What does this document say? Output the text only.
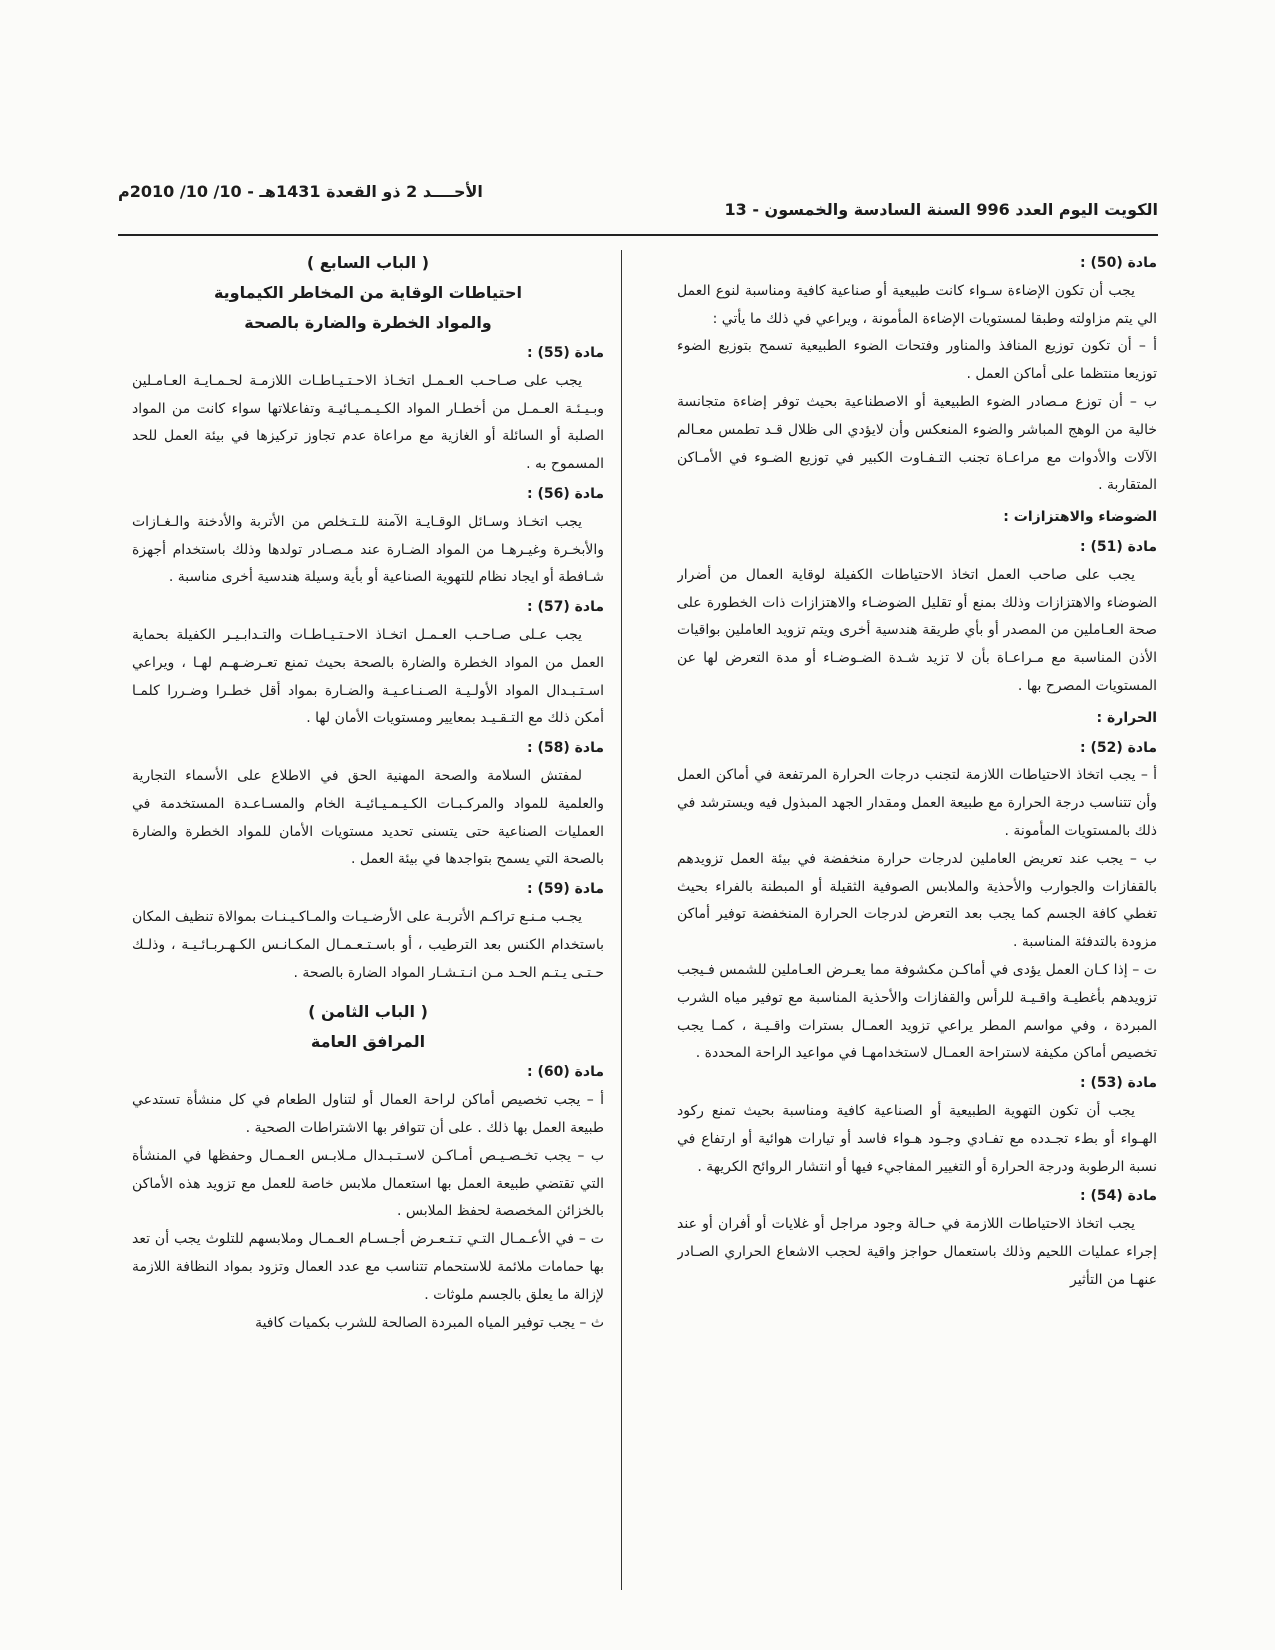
الكويت اليوم العدد 996 السنة السادسة والخمسون - 13
الأحــــد 2 ذو القعدة 1431هـ - 10/ 10/ 2010م
مادة (50) :

يجب أن تكون الإضاءة سـواء كانت طبيعية أو صناعية كافية ومناسبة لنوع العمل الي يتم مزاولته وطبقا لمستويات الإضاءة المأمونة ، ويراعي في ذلك ما يأتي :

أ – أن تكون توزيع المنافذ والمناور وفتحات الضوء الطبيعية تسمح بتوزيع الضوء توزيعا منتظما على أماكن العمل .

ب – أن توزع مـصادر الضوء الطبيعية أو الاصطناعية بحيث توفر إضاءة متجانسة خالية من الوهج المباشر والضوء المنعكس وأن لايؤدي الى ظلال قـد تطمس معـالم الآلات والأدوات مع مراعـاة تجنب التـفـاوت الكبير في توزيع الضـوء في الأمـاكن المتقاربة .

الضوضاء والاهتزازات :
مادة (51) :

يجب على صاحب العمل اتخاذ الاحتياطات الكفيلة لوقاية العمال من أضرار الضوضاء والاهتزازات وذلك بمنع أو تقليل الضوضـاء والاهتزازات ذات الخطورة على صحة العـاملين من المصدر أو بأي طريقة هندسية أخرى ويتم تزويد العاملين بواقيات الأذن المناسبة مع مـراعـاة بأن لا تزيد شـدة الضـوضـاء أو مدة التعرض لها عن المستويات المصرح بها .

الحرارة :
مادة (52) :

أ – يجب اتخاذ الاحتياطات اللازمة لتجنب درجات الحرارة المرتفعة في أماكن العمل وأن تتناسب درجة الحرارة مع طبيعة العمل ومقدار الجهد المبذول فيه ويسترشد في ذلك بالمستويات المأمونة .

ب – يجب عند تعريض العاملين لدرجات حرارة منخفضة في بيئة العمل تزويدهم بالقفازات والجوارب والأحذية والملابس الصوفية الثقيلة أو المبطنة بالفراء بحيث تغطي كافة الجسم كما يجب بعد التعرض لدرجات الحرارة المنخفضة توفير أماكن مزودة بالتدفئة المناسبة .

ت – إذا كـان العمل يؤدى في أماكـن مكشوفة مما يعـرض العـاملين للشمس فـيجب تزويدهم بأغطيـة واقـيـة للرأس والقفازات والأحذية المناسبة مع توفير مياه الشرب المبردة ، وفي مواسم المطر يراعي تزويد العمـال بسترات واقـيـة ، كمـا يجب تخصيص أماكن مكيفة لاستراحة العمـال لاستخدامهـا في مواعيد الراحة المحددة .

مادة (53) :

يجب أن تكون التهوية الطبيعية أو الصناعية كافية ومناسبة بحيث تمنع ركود الهـواء أو بطء تجـدده مع تفـادي وجـود هـواء فاسد أو تيارات هوائية أو ارتفاع في نسبة الرطوبة ودرجة الحرارة أو التغيير المفاجيء فيها أو انتشار الروائح الكريهة .

مادة (54) :

يجب اتخاذ الاحتياطات اللازمة في حـالة وجود مراجل أو غلايات أو أفران أو عند إجراء عمليات اللحيم وذلك باستعمال حواجز واقية لحجب الاشعاع الحراري الصـادر عنهـا من التأثير

( الباب السابع )
احتياطات الوقاية من المخاطر الكيماوية
والمواد الخطرة والضارة بالصحة
مادة (55) :

يجب على صـاحـب العـمـل اتخـاذ الاحـتـيـاطـات اللازمـة لحـمـايـة العـامـلين وبـيـئـة العـمـل من أخطـار المواد الكـيـمـيـائيـة وتفاعلاتها سواء كانت من المواد الصلبة أو السائلة أو الغازية مع مراعاة عدم تجاوز تركيزها في بيئة العمل للحد المسموح به .

مادة (56) :

يجب اتخـاذ وسـائل الوقـايـة الآمنة للـتـخلص من الأتربة والأدخنة والـغـازات والأبخـرة وغيـرهـا من المواد الضـارة عند مـصـادر تولدها وذلك باستخدام أجهزة شـافطة أو ايجاد نظام للتهوية الصناعية أو بأية وسيلة هندسية أخرى مناسبة .

مادة (57) :

يجب عـلى صـاحـب العـمـل اتخـاذ الاحـتـيـاطـات والتـدابـيـر الكفيلة بحماية العمل من المواد الخطرة والضارة بالصحة بحيث تمنع تعـرضـهـم لهـا ، ويراعي اسـتـبـدال المواد الأولـيـة الصـنـاعـيـة والضـارة بمواد أقل خطـرا وضـررا كلمـا أمكن ذلك مع التـقـيـد بمعايير ومستويات الأمان لها .

مادة (58) :

لمفتش السلامة والصحة المهنية الحق في الاطلاع على الأسماء التجارية والعلمية للمواد والمركـبـات الكـيـمـيـائيـة الخام والمسـاعـدة المستخدمة في العمليات الصناعية حتى يتسنى تحديد مستويات الأمان للمواد الخطرة والضارة بالصحة التي يسمح بتواجدها في بيئة العمل .

مادة (59) :

يجـب مـنـع تراكـم الأتربـة على الأرضـيـات والمـاكـيـنـات بموالاة تنظيف المكان باستخدام الكنس بعد الترطيب ، أو باسـتـعـمـال المكـانـس الكـهـربـائـيـة ، وذلـك حـتـى يـتـم الحـد مـن انـتـشـار المواد الضارة بالصحة .

( الباب الثامن )
المرافق العامة
مادة (60) :

أ – يجب تخصيص أماكن لراحة العمال أو لتناول الطعام في كل منشأة تستدعي طبيعة العمل بها ذلك . على أن تتوافر بها الاشتراطات الصحية .

ب – يجب تخـصـيـص أمـاكـن لاسـتـبـدال مـلابـس العـمـال وحفظها في المنشأة التي تقتضي طبيعة العمل بها استعمال ملابس خاصة للعمل مع تزويد هذه الأماكن بالخزائن المخصصة لحفظ الملابس .

ت – في الأعـمـال التـي تـتـعـرض أجـسـام العـمـال وملابسهم للتلوث يجب أن تعد بها حمامات ملائمة للاستحمام تتناسب مع عدد العمال وتزود بمواد النظافة اللازمة لإزالة ما يعلق بالجسم ملوثات .

ث – يجب توفير المياه المبردة الصالحة للشرب بكميات كافية
